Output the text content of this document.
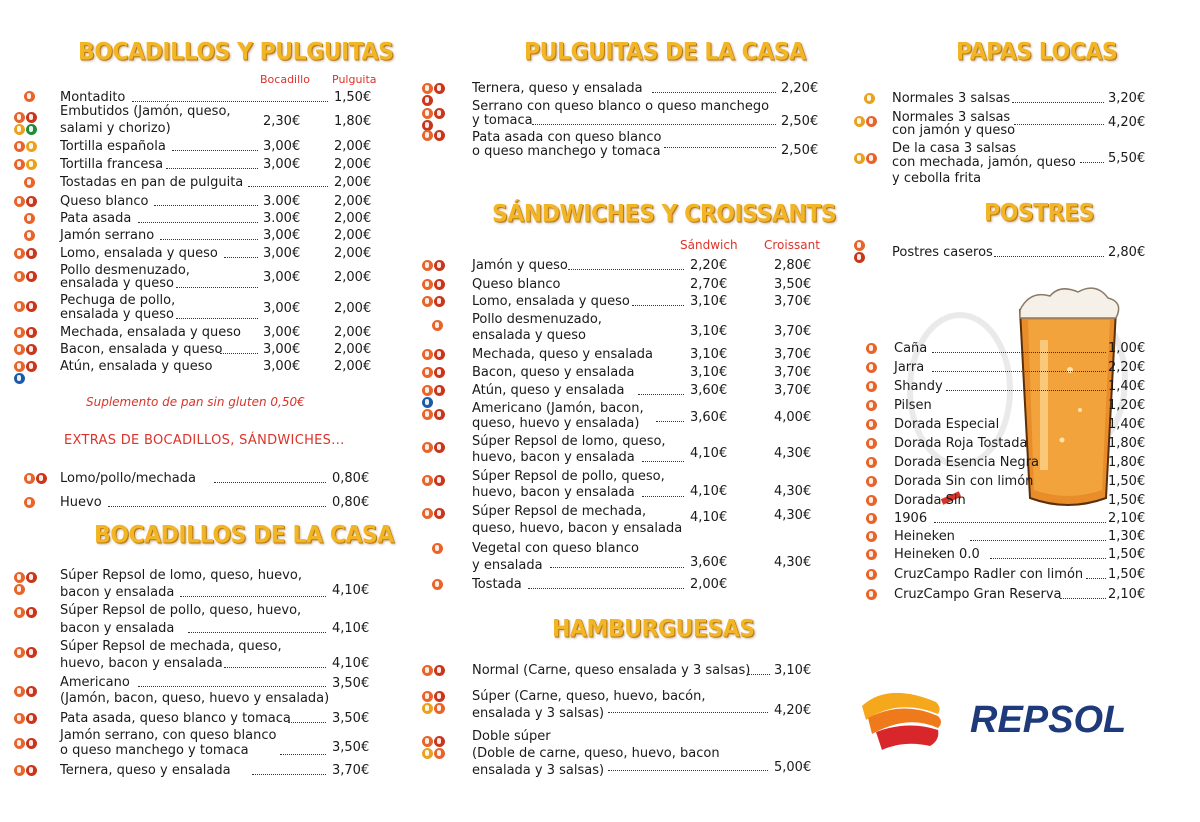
BOCADILLOS Y PULGUITAS
Bocadillo Pulguita
Montadito	1,50€
Embutidos (Jamón, queso,
salami y chorizo)	2,30€	1,80€
Tortilla española	3,00€	2,00€
Tortilla francesa	3,00€	2,00€
Tostadas en pan de pulguita	2,00€
Queso blanco	3.00€	2,00€
Pata asada	3.00€	2,00€
Jamón serrano	3,00€	2,00€
Lomo, ensalada y queso	3,00€	2,00€
Pollo desmenuzado,
ensalada y queso	3,00€	2,00€
Pechuga de pollo,
ensalada y queso	3,00€	2,00€
Mechada, ensalada y queso 3,00€	2,00€
Bacon, ensalada y queso	3,00€	2,00€
Atún, ensalada y queso	3,00€	2,00€
Suplemento de pan sin gluten 0,50€
EXTRAS DE BOCADILLOS, SÁNDWICHES...
Lomo/pollo/mechada	0,80€
Huevo	0,80€
BOCADILLOS DE LA CASA
Súper Repsol de lomo, queso, huevo,
bacon y ensalada	4,10€
Súper Repsol de pollo, queso, huevo,
bacon y ensalada	4,10€
Súper Repsol de mechada, queso,
huevo, bacon y ensalada	4,10€
Americano
(Jamón, bacon, queso, huevo y ensalada)
3,50€
Pata asada, queso blanco y tomaca	3,50€
Jamón serrano, con queso blanco
o queso manchego y tomaca	3,50€
Ternera, queso y ensalada	3,70€
PULGUITAS DE LA CASA
Ternera, queso y ensalada	2,20€
Serrano con queso blanco o queso manchego
y tomaca	2,50€
Pata asada con queso blanco
o queso manchego y tomaca	2,50€
SÁNDWICHES Y CROISSANTS
Sándwich Croissant
Jamón y queso	2,20€	2,80€
Queso blanco	2,70€	3,50€
Lomo, ensalada y queso	3,10€	3,70€
Pollo desmenuzado,
ensalada y queso	3,10€	3,70€
Mechada, queso y ensalada	3,10€	3,70€
Bacon, queso y ensalada	3,10€	3,70€
Atún, queso y ensalada	3,60€	3,70€
Americano (Jamón, bacon,
queso, huevo y ensalada)	3,60€	4,00€
Súper Repsol de lomo, queso,
huevo, bacon y ensalada	4,10€	4,30€
Súper Repsol de pollo, queso,
huevo, bacon y ensalada	4,10€	4,30€
Súper Repsol de mechada,
queso, huevo, bacon y ensalada
4,10€	4,30€
Vegetal con queso blanco
y ensalada	3,60€	4,30€
Tostada	2,00€
HAMBURGUESAS
Normal (Carne, queso ensalada y 3 salsas) 3,10€
Súper (Carne, queso, huevo, bacón,
ensalada y 3 salsas)	4,20€
Doble súper
(Doble de carne, queso, huevo, bacon
ensalada y 3 salsas)	5,00€
PAPAS LOCAS
Normales 3 salsas	3,20€
Normales 3 salsas
con jamón y queso
4,20€
De la casa 3 salsas
con mechada, jamón, queso
y cebolla frita
5,50€
POSTRES
Postres caseros	2,80€
Caña	1,00€
Jarra	2,20€
Shandy	1,40€
Pilsen	1,20€
Dorada Especial	1,40€
Dorada Roja Tostada	1,80€
Dorada Esencia Negra	1,80€
Dorada Sin con limón	1,50€
Dorada Sin	1,50€
1906	2,10€
Heineken	1,30€
Heineken 0.0	1,50€
CruzCampo Radler con limón 1,50€
CruzCampo Gran Reserva	2,10€
REPSOL
